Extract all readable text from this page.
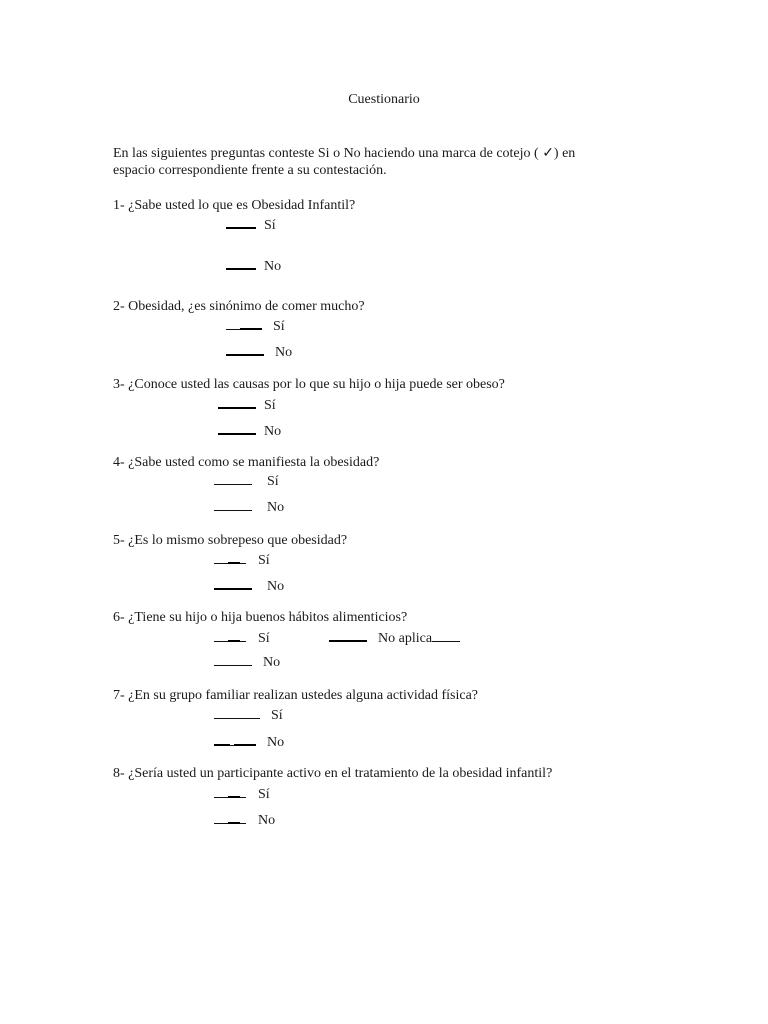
Cuestionario
En las siguientes preguntas conteste Si o No haciendo una marca de cotejo ( ✓) en
espacio correspondiente frente a su contestación.
1- ¿Sabe usted lo que es Obesidad Infantil?
Sí
No
2- Obesidad, ¿es sinónimo de comer mucho?
Sí
No
3- ¿Conoce usted las causas por lo que su hijo o hija puede ser obeso?
Sí
No
4- ¿Sabe usted como se manifiesta la obesidad?
Sí
No
5- ¿Es lo mismo sobrepeso que obesidad?
Sí
No
6- ¿Tiene su hijo o hija buenos hábitos alimenticios?
Sí	No aplica
No
7- ¿En su grupo familiar realizan ustedes alguna actividad física?
Sí
No
8- ¿Sería usted un participante activo en el tratamiento de la obesidad infantil?
Sí
No
